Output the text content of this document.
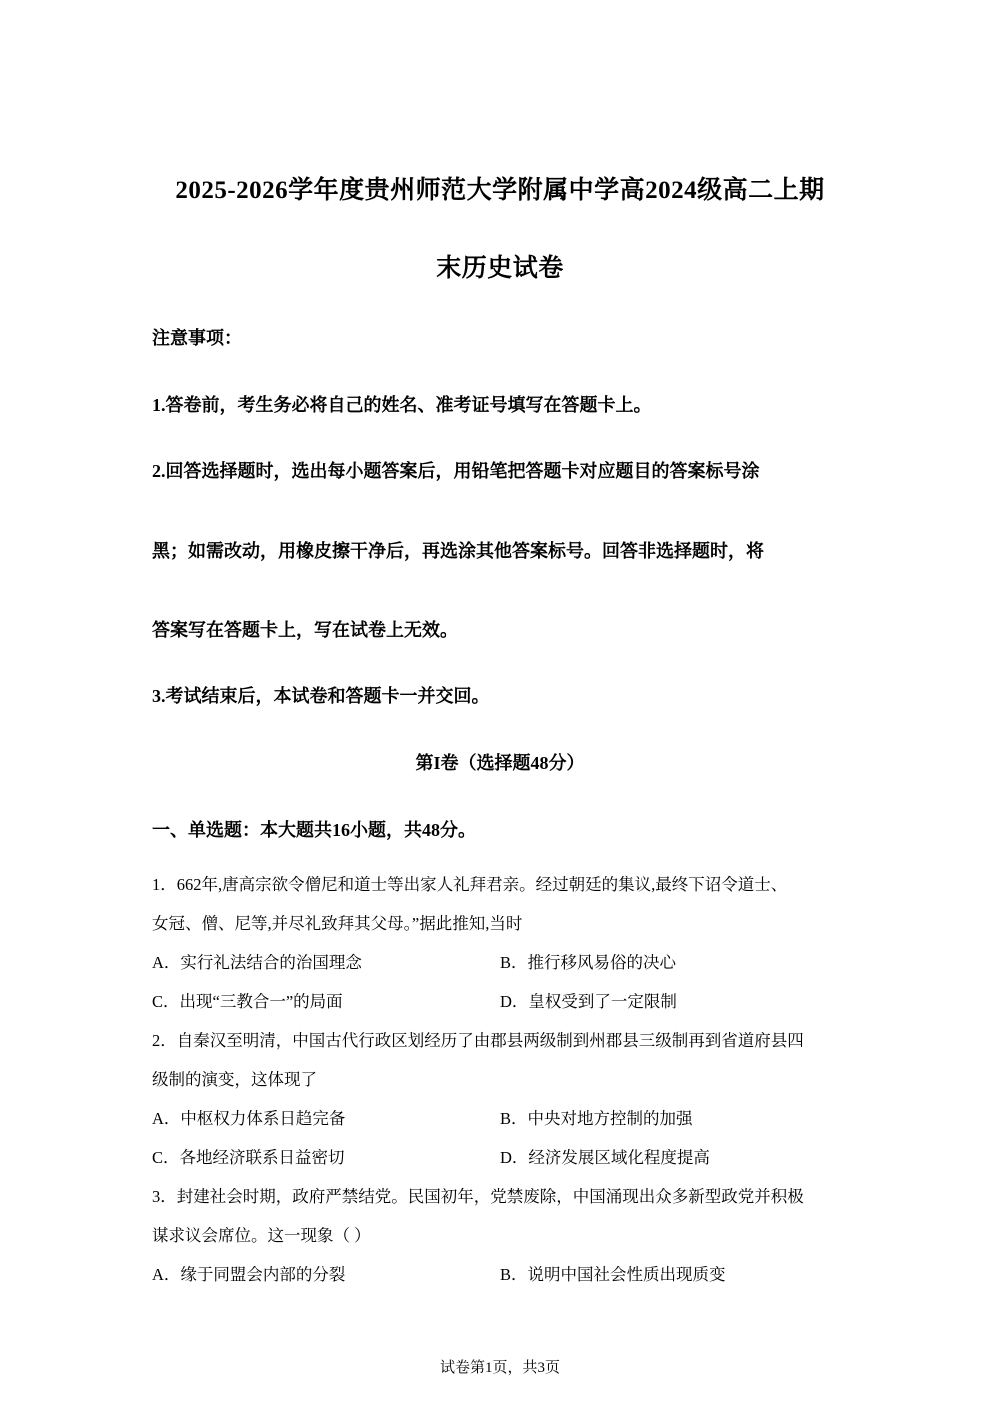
2025-2026学年度贵州师范大学附属中学高2024级高二上期
末历史试卷
注意事项：
1.答卷前，考生务必将自己的姓名、准考证号填写在答题卡上。
2.回答选择题时，选出每小题答案后，用铅笔把答题卡对应题目的答案标号涂
黑；如需改动，用橡皮擦干净后，再选涂其他答案标号。回答非选择题时，将
答案写在答题卡上，写在试卷上无效。
3.考试结束后，本试卷和答题卡一并交回。
第I卷（选择题48分）
一、单选题：本大题共16小题，共48分。
1．662年,唐高宗欲令僧尼和道士等出家人礼拜君亲。经过朝廷的集议,最终下诏令道士、
女冠、僧、尼等,并尽礼致拜其父母。”据此推知,当时
A．实行礼法结合的治国理念	B．推行移风易俗的决心
C．出现“三教合一”的局面	D．皇权受到了一定限制
2．自秦汉至明清，中国古代行政区划经历了由郡县两级制到州郡县三级制再到省道府县四
级制的演变，这体现了
A．中枢权力体系日趋完备	B．中央对地方控制的加强
C．各地经济联系日益密切	D．经济发展区域化程度提高
3．封建社会时期，政府严禁结党。民国初年，党禁废除，中国涌现出众多新型政党并积极
谋求议会席位。这一现象（ ）
A．缘于同盟会内部的分裂	B．说明中国社会性质出现质变
试卷第1页，共3页
